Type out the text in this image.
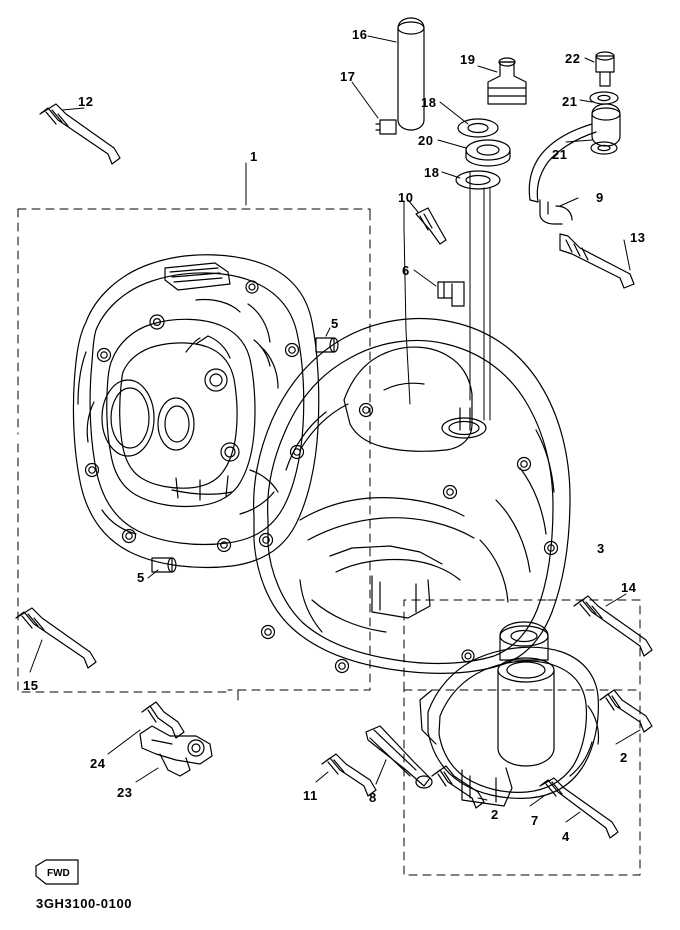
FWD
3GH3100-0100
16
19	22
17
18	21
12
20
21
1
18
9
10
13
6
5
3
5
14
15
2
24
23	11	8
2 7
4
